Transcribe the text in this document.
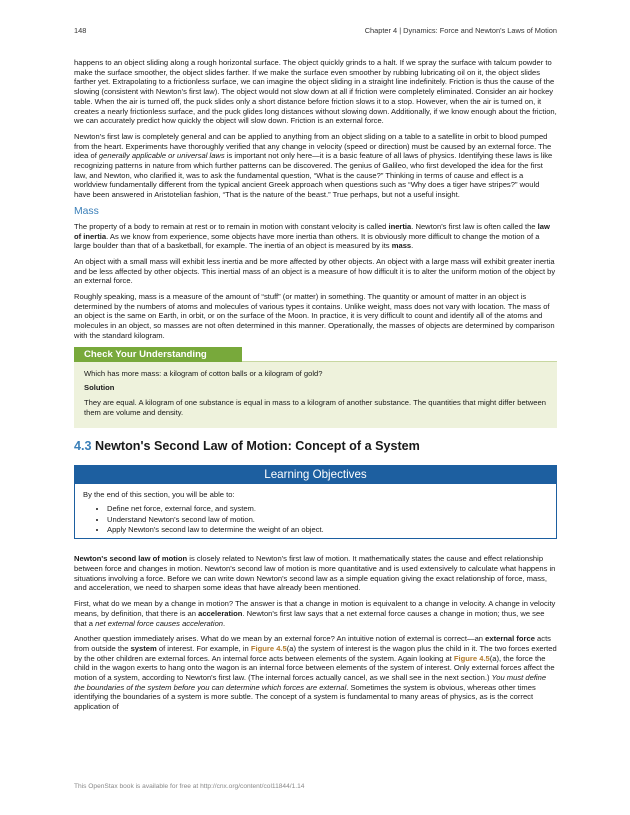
148	Chapter 4 | Dynamics: Force and Newton's Laws of Motion

happens to an object sliding along a rough horizontal surface. The object quickly grinds to a halt. If we spray the surface with talcum powder to make the surface smoother, the object slides farther. If we make the surface even smoother by rubbing lubricating oil on it, the object slides farther yet. Extrapolating to a frictionless surface, we can imagine the object sliding in a straight line indefinitely. Friction is thus the cause of the slowing (consistent with Newton's first law). The object would not slow down at all if friction were completely eliminated. Consider an air hockey table. When the air is turned off, the puck slides only a short distance before friction slows it to a stop. However, when the air is turned on, it creates a nearly frictionless surface, and the puck glides long distances without slowing down. Additionally, if we know enough about the friction, we can accurately predict how quickly the object will slow down. Friction is an external force.

Newton's first law is completely general and can be applied to anything from an object sliding on a table to a satellite in orbit to blood pumped from the heart. Experiments have thoroughly verified that any change in velocity (speed or direction) must be caused by an external force. The idea of generally applicable or universal laws is important not only here—it is a basic feature of all laws of physics. Identifying these laws is like recognizing patterns in nature from which further patterns can be discovered. The genius of Galileo, who first developed the idea for the first law, and Newton, who clarified it, was to ask the fundamental question, “What is the cause?” Thinking in terms of cause and effect is a worldview fundamentally different from the typical ancient Greek approach when questions such as “Why does a tiger have stripes?” would have been answered in Aristotelian fashion, “That is the nature of the beast.” True perhaps, but not a useful insight.

Mass

The property of a body to remain at rest or to remain in motion with constant velocity is called inertia. Newton's first law is often called the law of inertia. As we know from experience, some objects have more inertia than others. It is obviously more difficult to change the motion of a large boulder than that of a basketball, for example. The inertia of an object is measured by its mass.

An object with a small mass will exhibit less inertia and be more affected by other objects. An object with a large mass will exhibit greater inertia and be less affected by other objects. This inertial mass of an object is a measure of how difficult it is to alter the uniform motion of the object by an external force.

Roughly speaking, mass is a measure of the amount of “stuff” (or matter) in something. The quantity or amount of matter in an object is determined by the numbers of atoms and molecules of various types it contains. Unlike weight, mass does not vary with location. The mass of an object is the same on Earth, in orbit, or on the surface of the Moon. In practice, it is very difficult to count and identify all of the atoms and molecules in an object, so masses are not often determined in this manner. Operationally, the masses of objects are determined by comparison with the standard kilogram.

Check Your Understanding

Which has more mass: a kilogram of cotton balls or a kilogram of gold?

Solution

They are equal. A kilogram of one substance is equal in mass to a kilogram of another substance. The quantities that might differ between them are volume and density.

4.3 Newton's Second Law of Motion: Concept of a System
Learning Objectives
By the end of this section, you will be able to:
• Define net force, external force, and system.
• Understand Newton's second law of motion.
• Apply Newton's second law to determine the weight of an object.

Newton's second law of motion is closely related to Newton's first law of motion. It mathematically states the cause and effect relationship between force and changes in motion. Newton's second law of motion is more quantitative and is used extensively to calculate what happens in situations involving a force. Before we can write down Newton's second law as a simple equation giving the exact relationship of force, mass, and acceleration, we need to sharpen some ideas that have already been mentioned.

First, what do we mean by a change in motion? The answer is that a change in motion is equivalent to a change in velocity. A change in velocity means, by definition, that there is an acceleration. Newton's first law says that a net external force causes a change in motion; thus, we see that a net external force causes acceleration.

Another question immediately arises. What do we mean by an external force? An intuitive notion of external is correct—an external force acts from outside the system of interest. For example, in Figure 4.5(a) the system of interest is the wagon plus the child in it. The two forces exerted by the other children are external forces. An internal force acts between elements of the system. Again looking at Figure 4.5(a), the force the child in the wagon exerts to hang onto the wagon is an internal force between elements of the system of interest. Only external forces affect the motion of a system, according to Newton's first law. (The internal forces actually cancel, as we shall see in the next section.) You must define the boundaries of the system before you can determine which forces are external. Sometimes the system is obvious, whereas other times identifying the boundaries of a system is more subtle. The concept of a system is fundamental to many areas of physics, as is the correct application of

This OpenStax book is available for free at http://cnx.org/content/col11844/1.14
